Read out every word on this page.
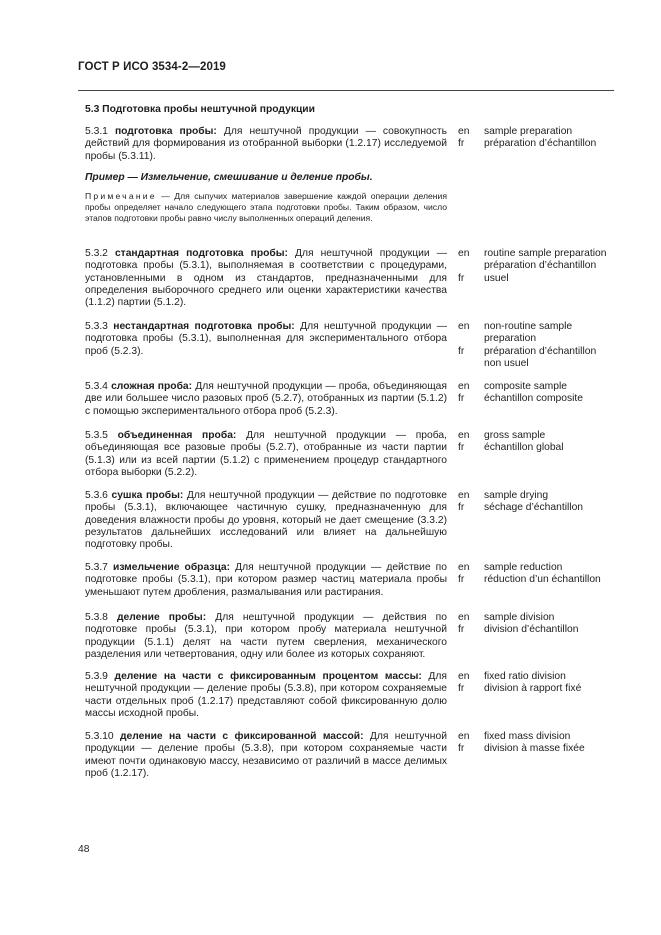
ГОСТ Р ИСО 3534-2—2019
5.3 Подготовка пробы нештучной продукции
5.3.1 подготовка пробы: Для нештучной продукции — совокупность действий для формирования из отобранной выборки (1.2.17) исследуемой пробы (5.3.11).
en
fr
sample preparation
préparation d’échantillon
Пример — Измельчение, смешивание и деление пробы.
Примечание — Для сыпучих материалов завершение каждой операции деления пробы определяет начало следующего этапа подготовки пробы. Таким образом, число этапов подготовки пробы равно числу выполненных операций деления.
5.3.2 стандартная подготовка пробы: Для нештучной продукции — подготовка пробы (5.3.1), выполняемая в соответствии с процедурами, установленными в одном из стандартов, предназначенными для определения выборочного среднего или оценки характеристики качества (1.1.2) партии (5.1.2).
en
fr
routine sample preparation
préparation d’échantillon usuel
5.3.3 нестандартная подготовка пробы: Для нештучной продукции — подготовка пробы (5.3.1), выполненная для экспериментального отбора проб (5.2.3).
en
fr
non-routine sample preparation
préparation d’échantillon non usuel
5.3.4 сложная проба: Для нештучной продукции — проба, объединяющая две или большее число разовых проб (5.2.7), отобранных из партии (5.1.2) с помощью экспериментального отбора проб (5.2.3).
en
fr
composite sample
échantillon composite
5.3.5 объединенная проба: Для нештучной продукции — проба, объединяющая все разовые пробы (5.2.7), отобранные из части партии (5.1.3) или из всей партии (5.1.2) с применением процедур стандартного отбора выборки (5.2.2).
en
fr
gross sample
échantillon global
5.3.6 сушка пробы: Для нештучной продукции — действие по подготовке пробы (5.3.1), включающее частичную сушку, предназначенную для доведения влажности пробы до уровня, который не дает смещение (3.3.2) результатов дальнейших исследований или влияет на дальнейшую подготовку пробы.
en
fr
sample drying
séchage d’échantillon
5.3.7 измельчение образца: Для нештучной продукции — действие по подготовке пробы (5.3.1), при котором размер частиц материала пробы уменьшают путем дробления, размалывания или растирания.
en
fr
sample reduction
réduction d’un échantillon
5.3.8 деление пробы: Для нештучной продукции — действия по подготовке пробы (5.3.1), при котором пробу материала нештучной продукции (5.1.1) делят на части путем сверления, механического разделения или четвертования, одну или более из которых сохраняют.
en
fr
sample division
division d’échantillon
5.3.9 деление на части с фиксированным процентом массы: Для нештучной продукции — деление пробы (5.3.8), при котором сохраняемые части отдельных проб (1.2.17) представляют собой фиксированную долю массы исходной пробы.
en
fr
fixed ratio division
division à rapport fixé
5.3.10 деление на части с фиксированной массой: Для нештучной продукции — деление пробы (5.3.8), при котором сохраняемые части имеют почти одинаковую массу, независимо от различий в массе делимых проб (1.2.17).
en
fr
fixed mass division
division à masse fixée
48
